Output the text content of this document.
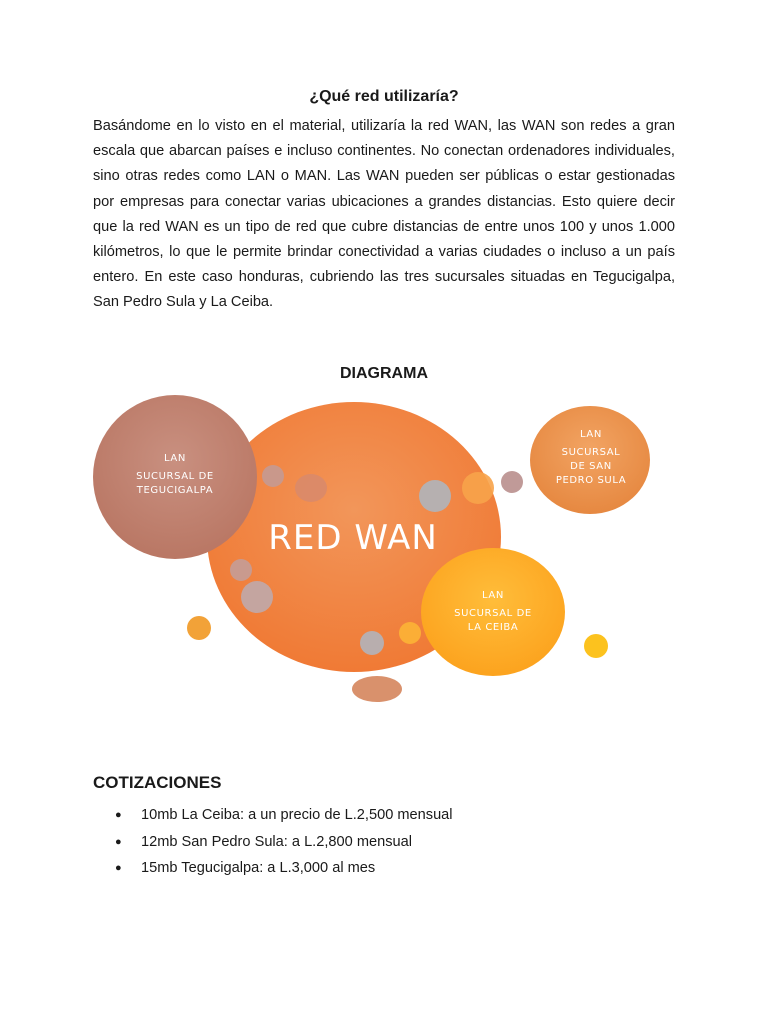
¿Qué red utilizaría?

Basándome en lo visto en el material, utilizaría la red WAN, las WAN son redes a gran escala que abarcan países e incluso continentes. No conectan ordenadores individuales, sino otras redes como LAN o MAN. Las WAN pueden ser públicas o estar gestionadas por empresas para conectar varias ubicaciones a grandes distancias. Esto quiere decir que la red WAN es un tipo de red que cubre distancias de entre unos 100 y unos 1.000 kilómetros, lo que le permite brindar conectividad a varias ciudades o incluso a un país entero. En este caso honduras, cubriendo las tres sucursales situadas en Tegucigalpa, San Pedro Sula y La Ceiba.

DIAGRAMA
RED WAN
LAN
SUCURSAL DE
TEGUCIGALPA
LAN
SUCURSAL
DE SAN
PEDRO SULA
LAN
SUCURSAL DE
LA CEIBA
COTIZACIONES
●	10mb La Ceiba: a un precio de L.2,500 mensual
●	12mb San Pedro Sula: a L.2,800 mensual
●	15mb Tegucigalpa: a L.3,000 al mes
